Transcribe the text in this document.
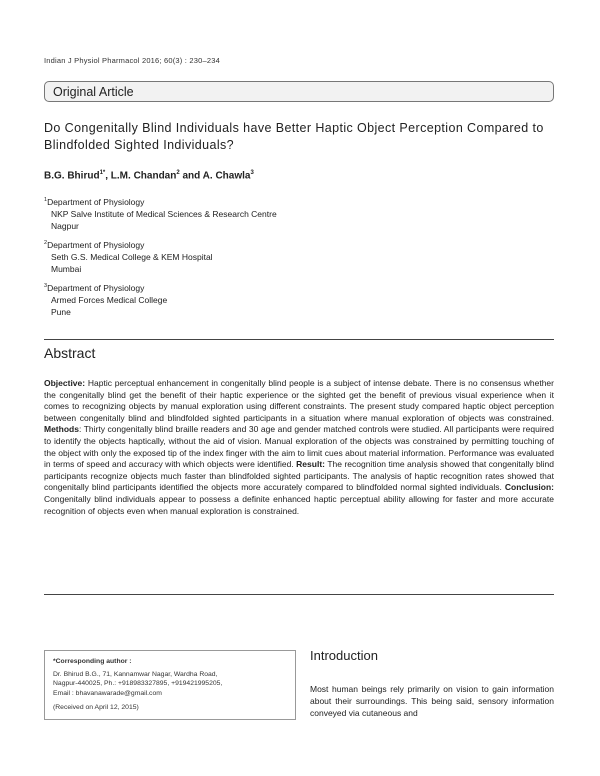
Indian J Physiol Pharmacol 2016; 60(3) : 230–234
Original Article
Do Congenitally Blind Individuals have Better Haptic Object Perception Compared to Blindfolded Sighted Individuals?
B.G. Bhirud$^{1*}$, L.M. Chandan$^2$ and A. Chawla$^3$
$^1$Department of Physiology
NKP Salve Institute of Medical Sciences & Research Centre
Nagpur
$^2$Department of Physiology
Seth G.S. Medical College & KEM Hospital
Mumbai
$^3$Department of Physiology
Armed Forces Medical College
Pune
Abstract
Objective: Haptic perceptual enhancement in congenitally blind people is a subject of intense debate. There is no consensus whether the congenitally blind get the benefit of their haptic experience or the sighted get the benefit of previous visual experience when it comes to recognizing objects by manual exploration using different constraints. The present study compared haptic object perception between congenitally blind and blindfolded sighted participants in a situation where manual exploration of objects was constrained. Methods: Thirty congenitally blind braille readers and 30 age and gender matched controls were studied. All participants were required to identify the objects haptically, without the aid of vision. Manual exploration of the objects was constrained by permitting touching of the object with only the exposed tip of the index finger with the aim to limit cues about material information. Performance was evaluated in terms of speed and accuracy with which objects were identified. Result: The recognition time analysis showed that congenitally blind participants recognize objects much faster than blindfolded sighted participants. The analysis of haptic recognition rates showed that congenitally blind participants identified the objects more accurately compared to blindfolded normal sighted individuals. Conclusion: Congenitally blind individuals appear to possess a definite enhanced haptic perceptual ability allowing for faster and more accurate recognition of objects even when manual exploration is constrained.
*Corresponding author :
Dr. Bhirud B.G., 71, Kannamwar Nagar, Wardha Road,
Nagpur-440025, Ph.: +918983327895, +919421995205,
Email : bhavanawarade@gmail.com
(Received on April 12, 2015)
Introduction
Most human beings rely primarily on vision to gain information about their surroundings. This being said, sensory information conveyed via cutaneous and
